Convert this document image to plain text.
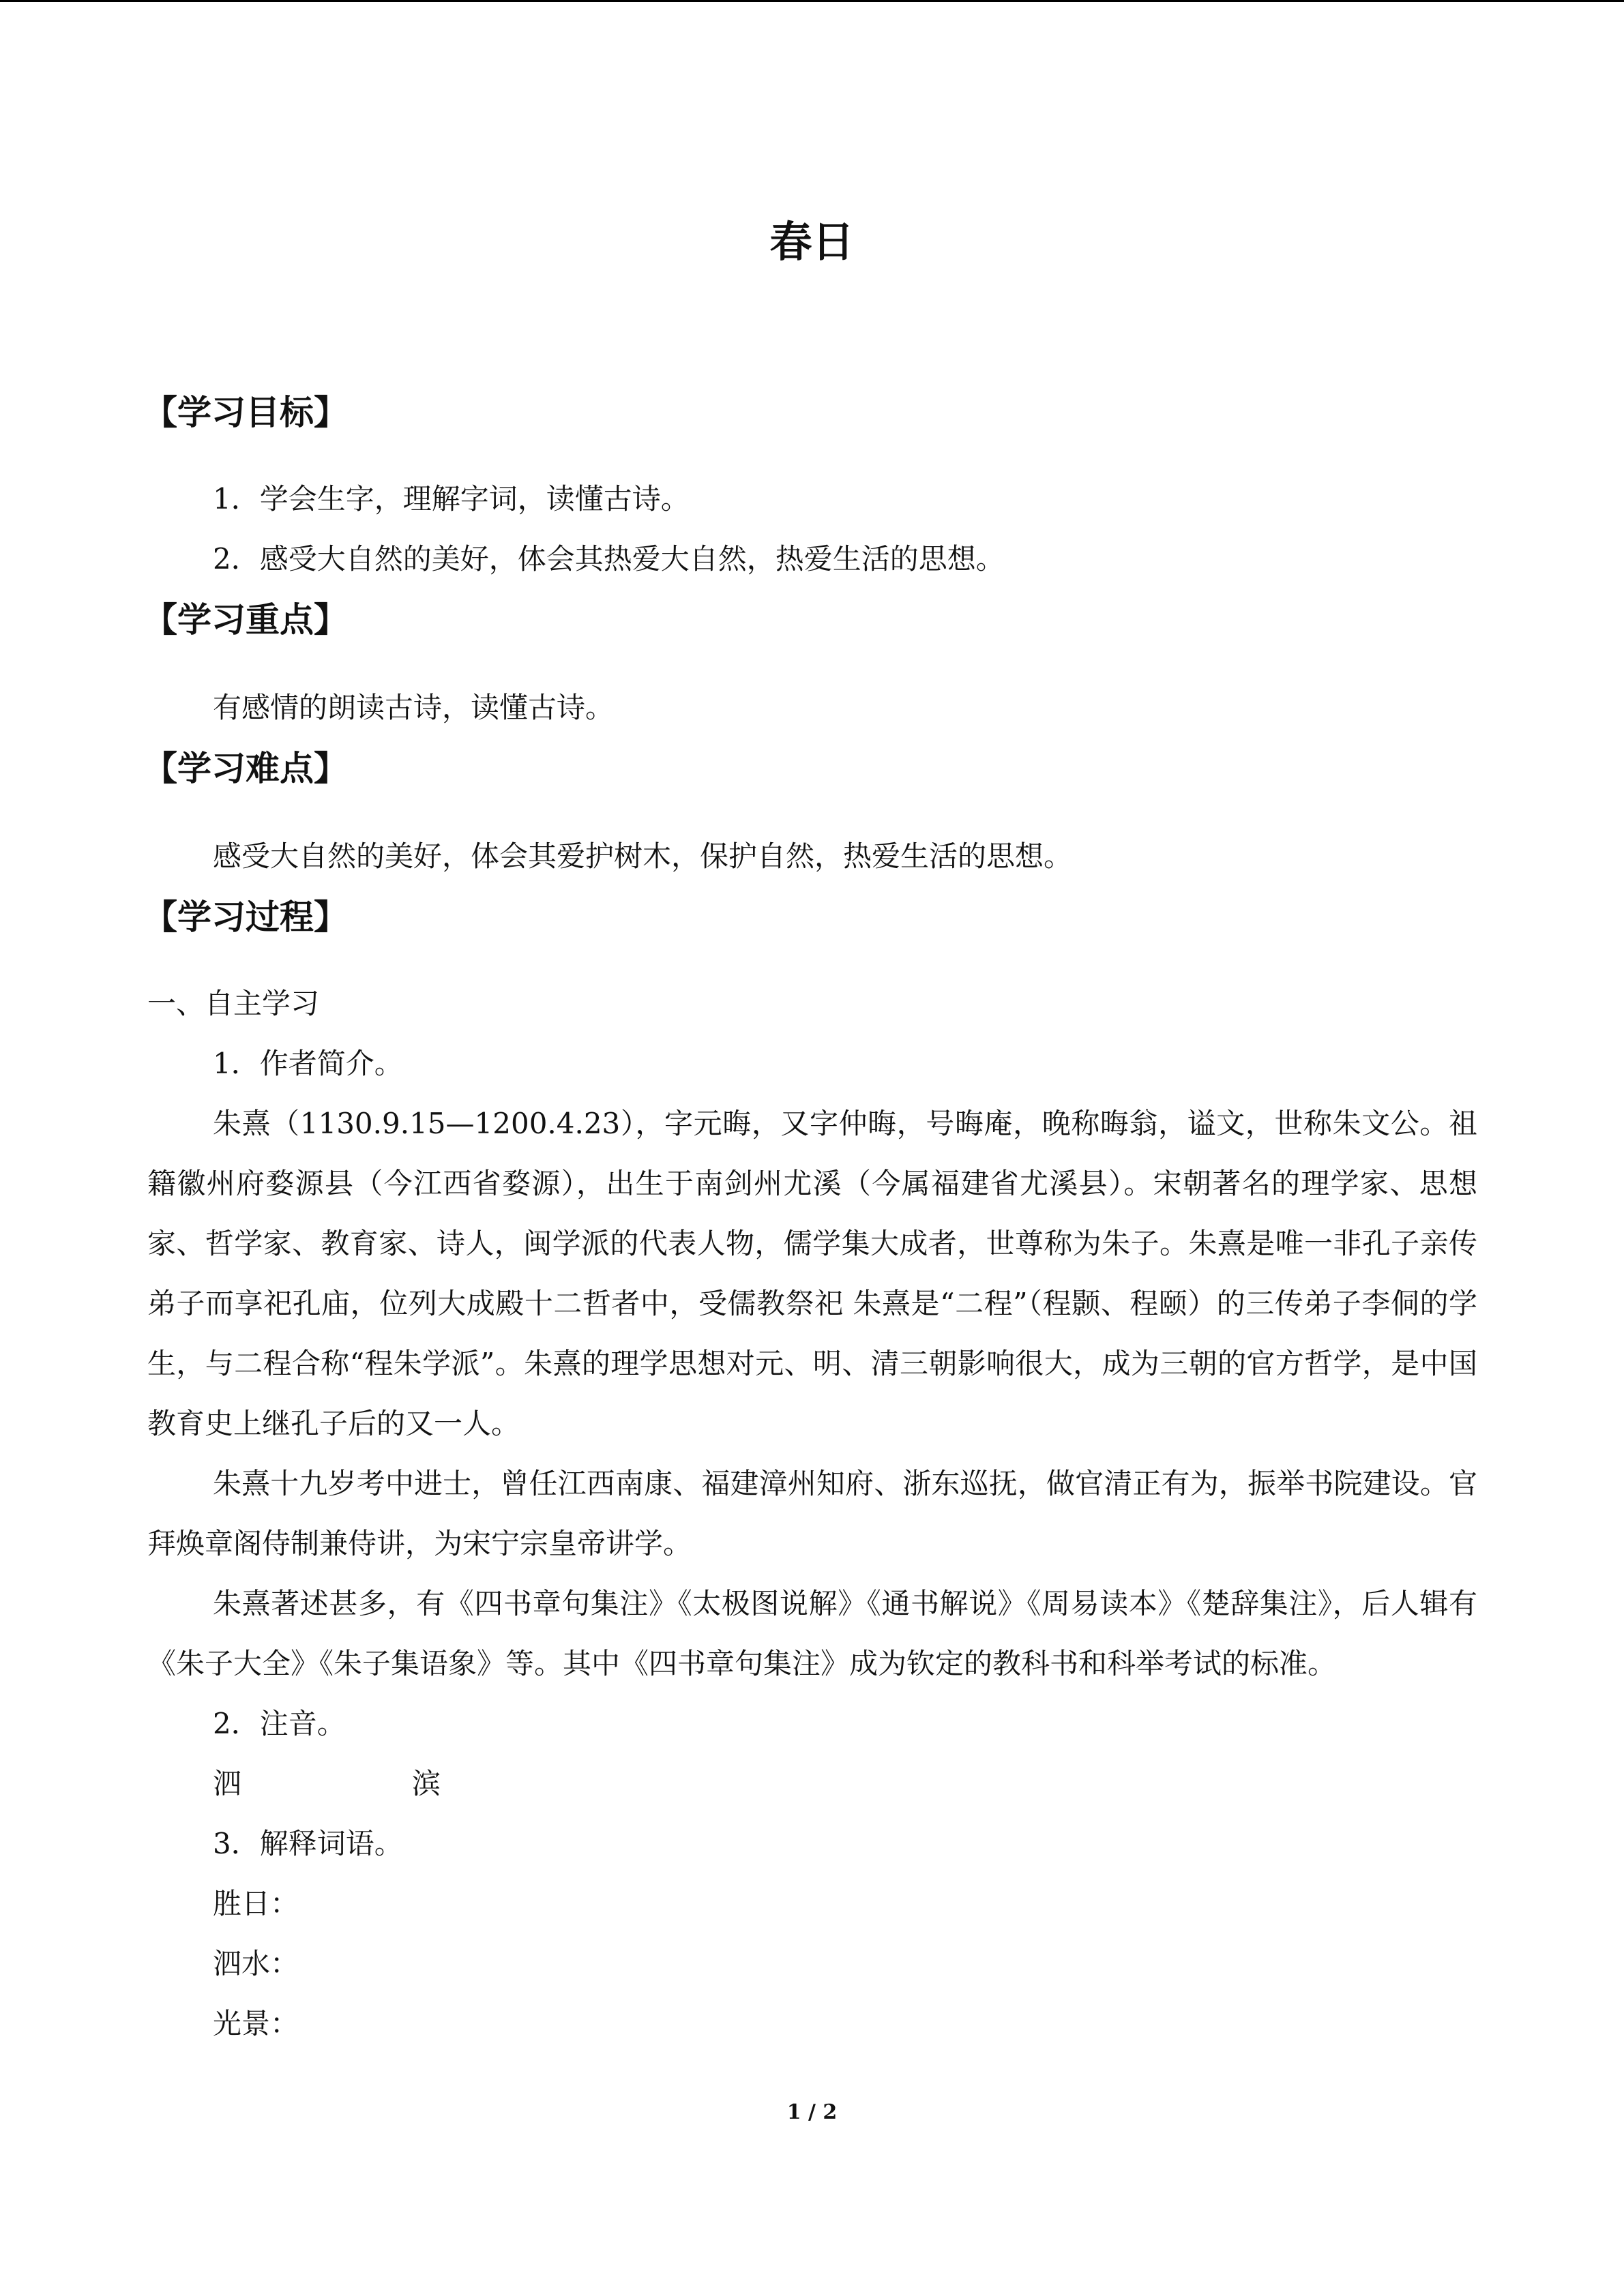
春日
【学习目标】
1．学会生字，理解字词，读懂古诗。
2．感受大自然的美好，体会其热爱大自然，热爱生活的思想。
【学习重点】
有感情的朗读古诗，读懂古诗。
【学习难点】
感受大自然的美好，体会其爱护树木，保护自然，热爱生活的思想。
【学习过程】
一、自主学习
1．作者简介。
朱熹（1130.9.15—1200.4.23），字元晦，又字仲晦，号晦庵，晚称晦翁，谥文，世称朱文公。祖籍徽州府婺源县（今江西省婺源），出生于南剑州尤溪（今属福建省尤溪县）。宋朝著名的理学家、思想家、哲学家、教育家、诗人，闽学派的代表人物，儒学集大成者，世尊称为朱子。朱熹是唯一非孔子亲传弟子而享祀孔庙，位列大成殿十二哲者中，受儒教祭祀 朱熹是“二程”（程颢、程颐）的三传弟子李侗的学生，与二程合称“程朱学派”。朱熹的理学思想对元、明、清三朝影响很大，成为三朝的官方哲学，是中国教育史上继孔子后的又一人。
朱熹十九岁考中进士，曾任江西南康、福建漳州知府、浙东巡抚，做官清正有为，振举书院建设。官拜焕章阁侍制兼侍讲，为宋宁宗皇帝讲学。
朱熹著述甚多，有《四书章句集注》《太极图说解》《通书解说》《周易读本》《楚辞集注》，后人辑有《朱子大全》《朱子集语象》等。其中《四书章句集注》成为钦定的教科书和科举考试的标准。
2．注音。
泗	滨
3．解释词语。
胜日：
泗水：
光景：
1 / 2
